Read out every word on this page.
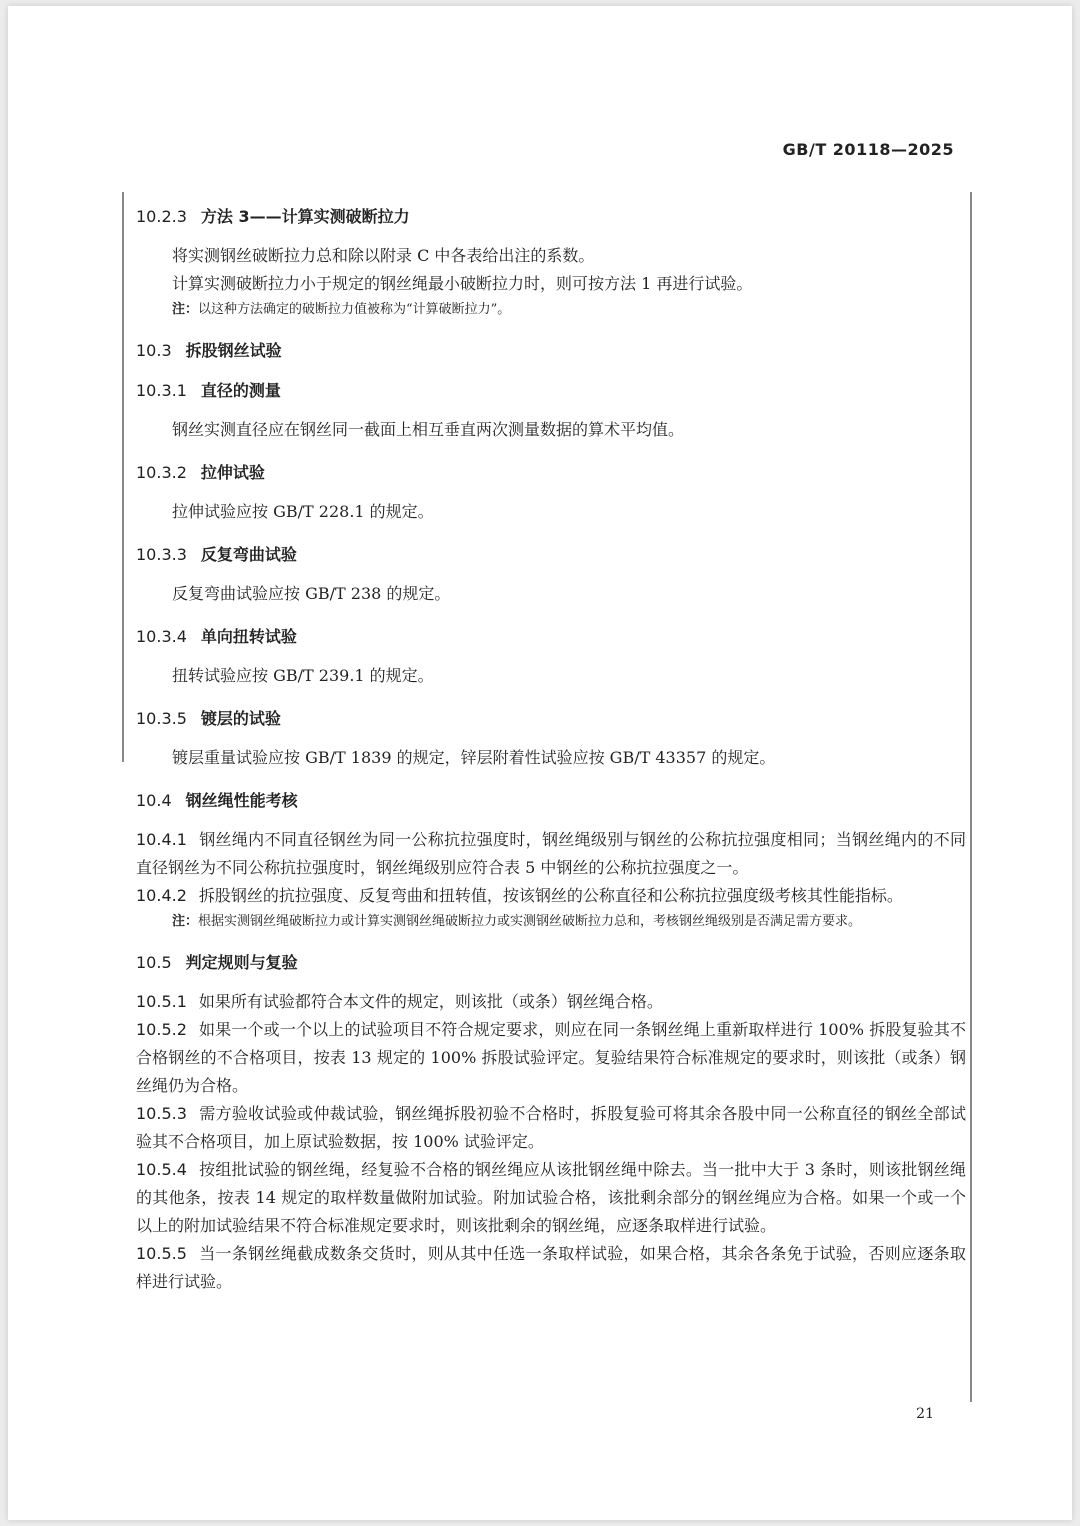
GB/T 20118—2025
10.2.3 方法 3——计算实测破断拉力

将实测钢丝破断拉力总和除以附录 C 中各表给出注的系数。

计算实测破断拉力小于规定的钢丝绳最小破断拉力时，则可按方法 1 再进行试验。

注：以这种方法确定的破断拉力值被称为“计算破断拉力”。

10.3 拆股钢丝试验
10.3.1 直径的测量

钢丝实测直径应在钢丝同一截面上相互垂直两次测量数据的算术平均值。

10.3.2 拉伸试验

拉伸试验应按 GB/T 228.1 的规定。

10.3.3 反复弯曲试验

反复弯曲试验应按 GB/T 238 的规定。

10.3.4 单向扭转试验

扭转试验应按 GB/T 239.1 的规定。

10.3.5 镀层的试验

镀层重量试验应按 GB/T 1839 的规定，锌层附着性试验应按 GB/T 43357 的规定。

10.4 钢丝绳性能考核

10.4.1 钢丝绳内不同直径钢丝为同一公称抗拉强度时，钢丝绳级别与钢丝的公称抗拉强度相同；当钢丝绳内的不同直径钢丝为不同公称抗拉强度时，钢丝绳级别应符合表 5 中钢丝的公称抗拉强度之一。

10.4.2 拆股钢丝的抗拉强度、反复弯曲和扭转值，按该钢丝的公称直径和公称抗拉强度级考核其性能指标。

注：根据实测钢丝绳破断拉力或计算实测钢丝绳破断拉力或实测钢丝破断拉力总和，考核钢丝绳级别是否满足需方要求。

10.5 判定规则与复验

10.5.1 如果所有试验都符合本文件的规定，则该批（或条）钢丝绳合格。

10.5.2 如果一个或一个以上的试验项目不符合规定要求，则应在同一条钢丝绳上重新取样进行 100% 拆股复验其不合格钢丝的不合格项目，按表 13 规定的 100% 拆股试验评定。复验结果符合标准规定的要求时，则该批（或条）钢丝绳仍为合格。

10.5.3 需方验收试验或仲裁试验，钢丝绳拆股初验不合格时，拆股复验可将其余各股中同一公称直径的钢丝全部试验其不合格项目，加上原试验数据，按 100% 试验评定。

10.5.4 按组批试验的钢丝绳，经复验不合格的钢丝绳应从该批钢丝绳中除去。当一批中大于 3 条时，则该批钢丝绳的其他条，按表 14 规定的取样数量做附加试验。附加试验合格，该批剩余部分的钢丝绳应为合格。如果一个或一个以上的附加试验结果不符合标准规定要求时，则该批剩余的钢丝绳，应逐条取样进行试验。

10.5.5 当一条钢丝绳截成数条交货时，则从其中任选一条取样试验，如果合格，其余各条免于试验，否则应逐条取样进行试验。

21
